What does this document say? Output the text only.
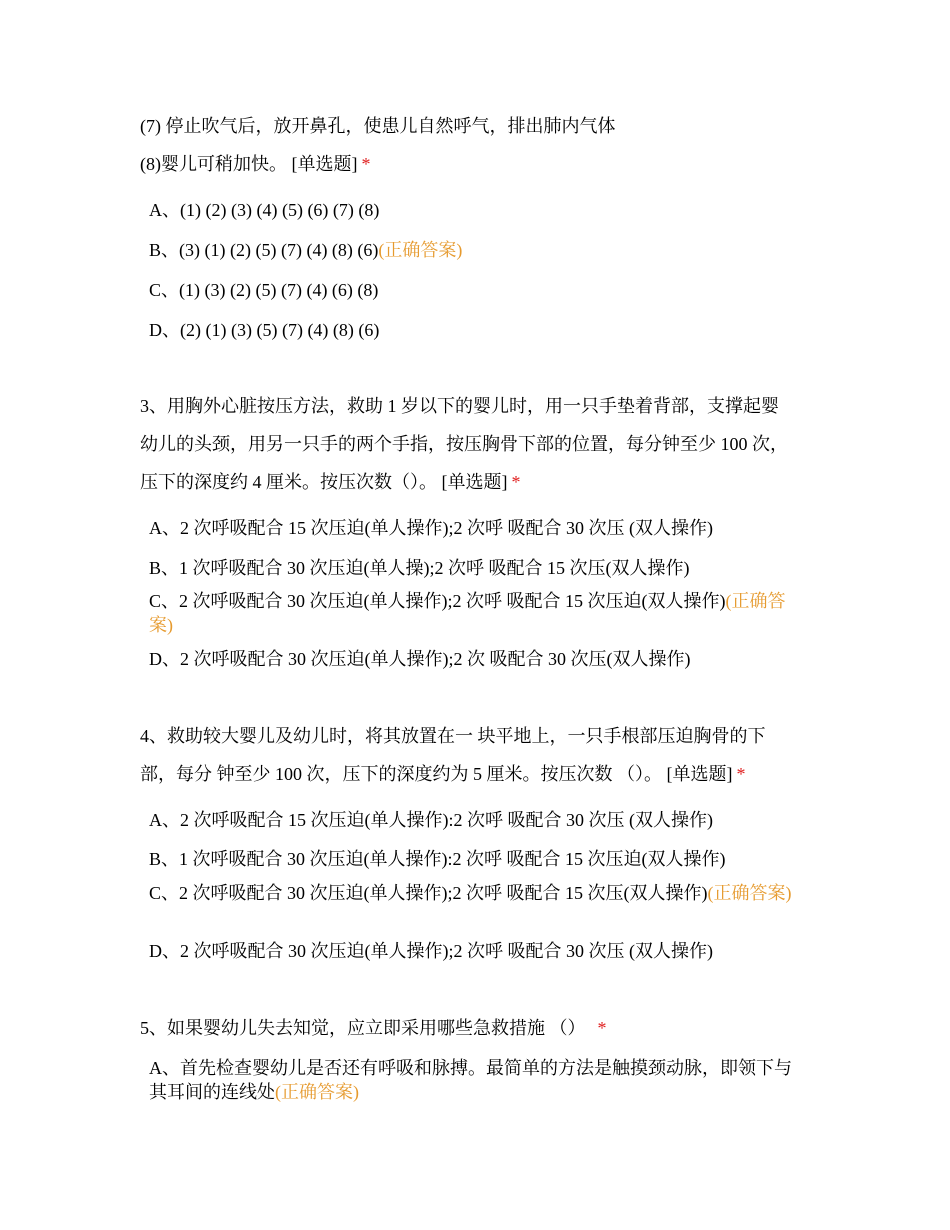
(7) 停止吹气后，放开鼻孔，使患儿自然呼气，排出肺内气体
(8)婴儿可稍加快。 [单选题] *
A、(1) (2) (3) (4) (5) (6) (7) (8)
B、(3) (1) (2) (5) (7) (4) (8) (6)(正确答案)
C、(1) (3) (2) (5) (7) (4) (6) (8)
D、(2) (1) (3) (5) (7) (4) (8) (6)
3、用胸外心脏按压方法，救助 1 岁以下的婴儿时，用一只手垫着背部，支撑起婴
幼儿的头颈，用另一只手的两个手指，按压胸骨下部的位置，每分钟至少 100 次，
压下的深度约 4 厘米。按压次数（）。 [单选题] *
A、2 次呼吸配合 15 次压迫(单人操作);2 次呼 吸配合 30 次压 (双人操作)
B、1 次呼吸配合 30 次压迫(单人操);2 次呼 吸配合 15 次压(双人操作)
C、2 次呼吸配合 30 次压迫(单人操作);2 次呼 吸配合 15 次压迫(双人操作)(正确答案)
D、2 次呼吸配合 30 次压迫(单人操作);2 次 吸配合 30 次压(双人操作)
4、救助较大婴儿及幼儿时，将其放置在一 块平地上，一只手根部压迫胸骨的下
部，每分 钟至少 100 次，压下的深度约为 5 厘米。按压次数 （）。 [单选题] *
A、2 次呼吸配合 15 次压迫(单人操作):2 次呼 吸配合 30 次压 (双人操作)
B、1 次呼吸配合 30 次压迫(单人操作):2 次呼 吸配合 15 次压迫(双人操作)
C、2 次呼吸配合 30 次压迫(单人操作);2 次呼 吸配合 15 次压(双人操作)(正确答案)
D、2 次呼吸配合 30 次压迫(单人操作);2 次呼 吸配合 30 次压 (双人操作)
5、如果婴幼儿失去知觉，应立即采用哪些急救措施 （） *
A、首先检查婴幼儿是否还有呼吸和脉搏。最简单的方法是触摸颈动脉，即领下与其耳间的连线处(正确答案)
